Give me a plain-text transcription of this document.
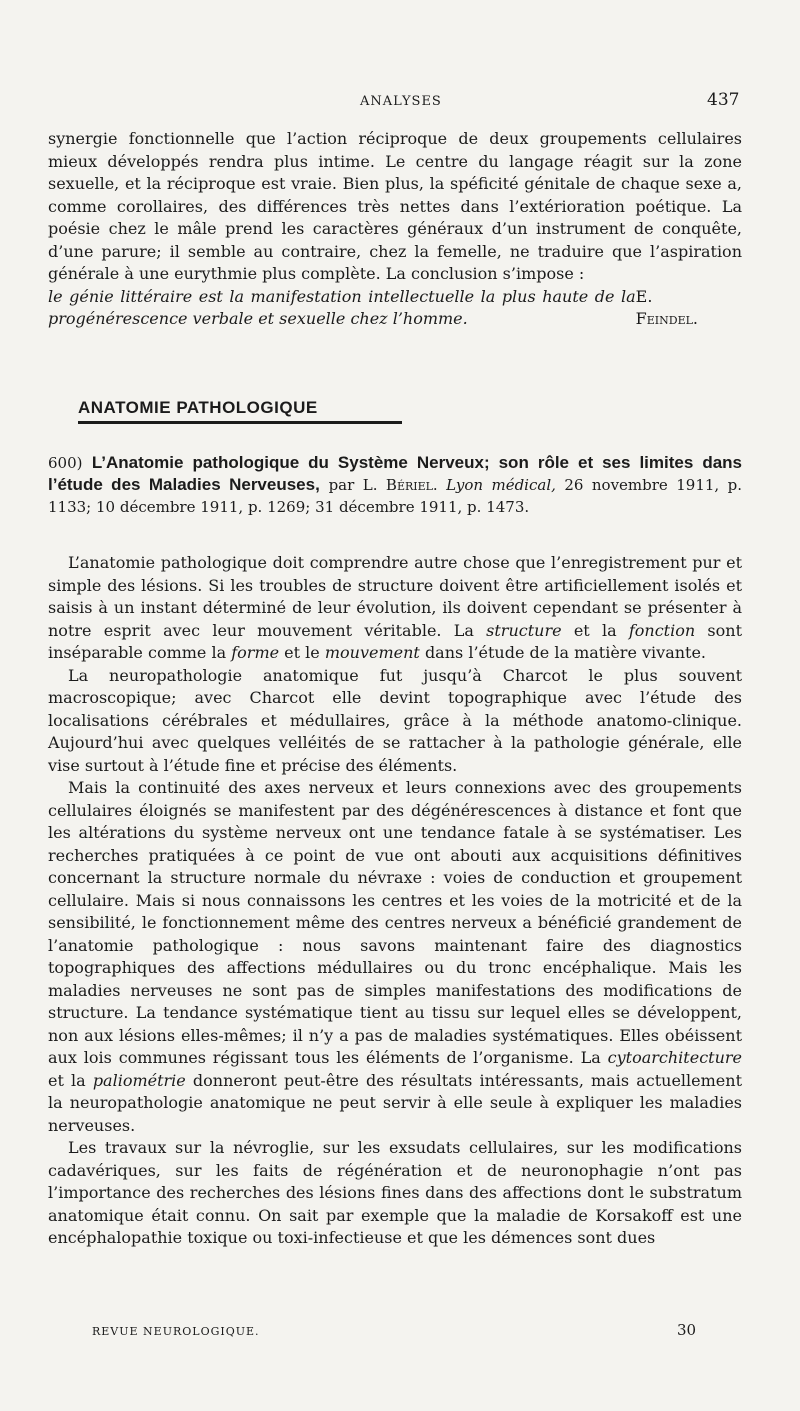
ANALYSES	437

synergie fonctionnelle que l’action réciproque de deux groupements cellulaires mieux développés rendra plus intime. Le centre du langage réagit sur la zone sexuelle, et la réciproque est vraie. Bien plus, la spéficité génitale de chaque sexe a, comme corollaires, des différences très nettes dans l’extérioration poétique. La poésie chez le mâle prend les caractères généraux d’un instrument de conquête, d’une parure; il semble au contraire, chez la femelle, ne traduire que l’aspiration générale à une eurythmie plus complète. La conclusion s’impose :

le génie littéraire est la manifestation intellectuelle la plus haute de la progénérescence verbale et sexuelle chez l’homme.
E. Feindel.
ANATOMIE PATHOLOGIQUE
600) L’Anatomie pathologique du Système Nerveux; son rôle et ses limites dans l’étude des Maladies Nerveuses, par L. Bériel. Lyon médical, 26 novembre 1911, p. 1133; 10 décembre 1911, p. 1269; 31 décembre 1911, p. 1473.

L’anatomie pathologique doit comprendre autre chose que l’enregistrement pur et simple des lésions. Si les troubles de structure doivent être artificiellement isolés et saisis à un instant déterminé de leur évolution, ils doivent cependant se présenter à notre esprit avec leur mouvement véritable. La structure et la fonction sont inséparable comme la forme et le mouvement dans l’étude de la matière vivante.

La neuropathologie anatomique fut jusqu’à Charcot le plus souvent macroscopique; avec Charcot elle devint topographique avec l’étude des localisations cérébrales et médullaires, grâce à la méthode anatomo-clinique. Aujourd’hui avec quelques velléités de se rattacher à la pathologie générale, elle vise surtout à l’étude fine et précise des éléments.

Mais la continuité des axes nerveux et leurs connexions avec des groupements cellulaires éloignés se manifestent par des dégénérescences à distance et font que les altérations du système nerveux ont une tendance fatale à se systématiser. Les recherches pratiquées à ce point de vue ont abouti aux acquisitions définitives concernant la structure normale du névraxe : voies de conduction et groupement cellulaire. Mais si nous connaissons les centres et les voies de la motricité et de la sensibilité, le fonctionnement même des centres nerveux a bénéficié grandement de l’anatomie pathologique : nous savons maintenant faire des diagnostics topographiques des affections médullaires ou du tronc encéphalique. Mais les maladies nerveuses ne sont pas de simples manifestations des modifications de structure. La tendance systématique tient au tissu sur lequel elles se développent, non aux lésions elles-mêmes; il n’y a pas de maladies systématiques. Elles obéissent aux lois communes régissant tous les éléments de l’organisme. La cytoarchitecture et la paliométrie donneront peut-être des résultats intéressants, mais actuellement la neuropathologie anatomique ne peut servir à elle seule à expliquer les maladies nerveuses.

Les travaux sur la névroglie, sur les exsudats cellulaires, sur les modifications cadavériques, sur les faits de régénération et de neuronophagie n’ont pas l’importance des recherches des lésions fines dans des affections dont le substratum anatomique était connu. On sait par exemple que la maladie de Korsakoff est une encéphalopathie toxique ou toxi-infectieuse et que les démences sont dues

REVUE NEUROLOGIQUE.	30
